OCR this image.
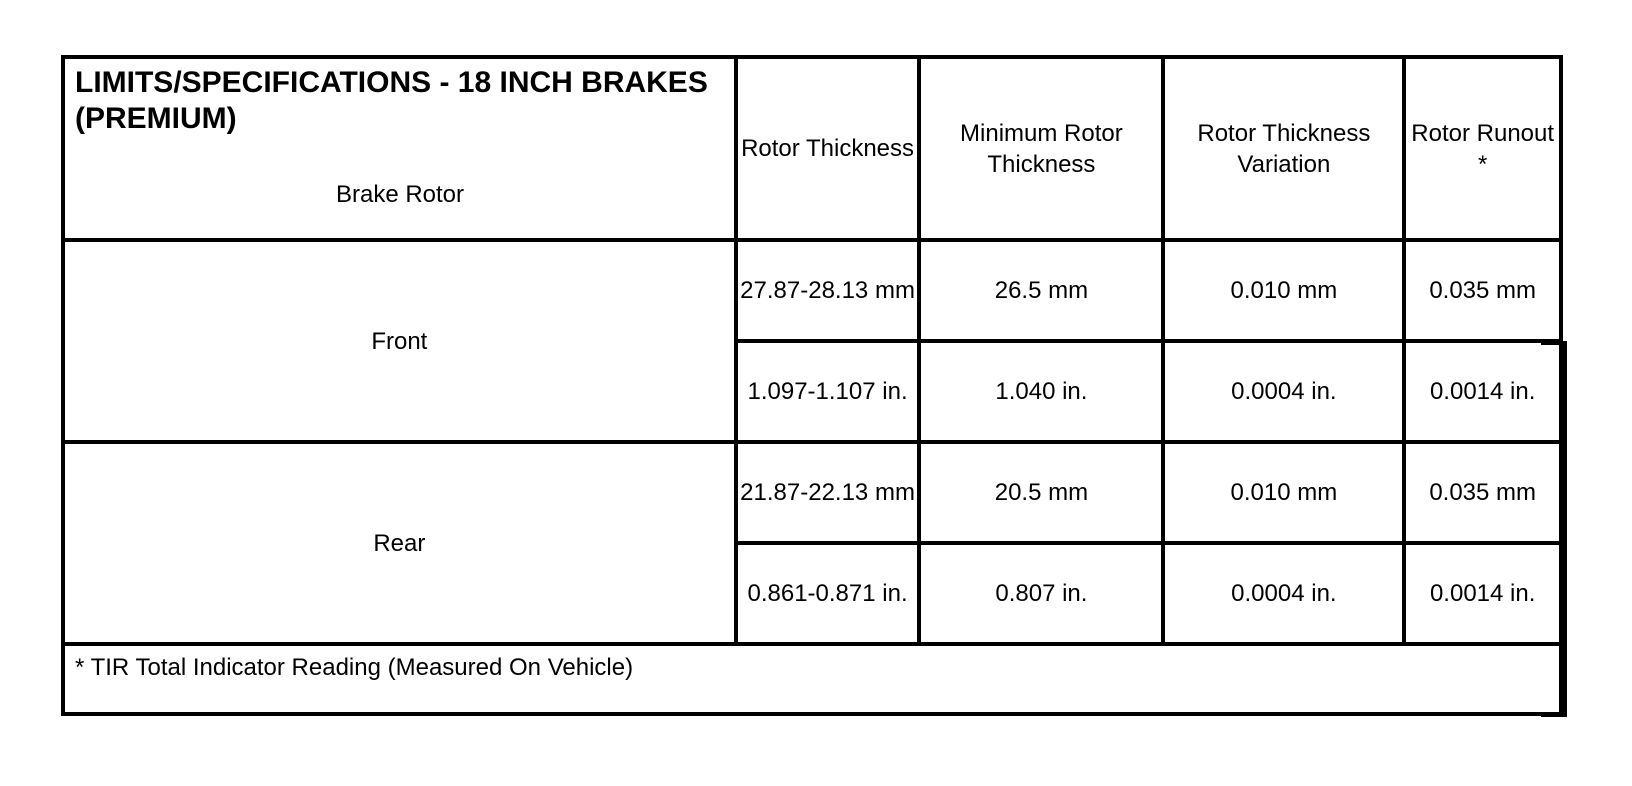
LIMITS/SPECIFICATIONS - 18 INCH BRAKES (PREMIUM)
Brake Rotor	Rotor Thickness	Minimum Rotor Thickness	Rotor Thickness Variation	Rotor Runout *
Front	27.87-28.13 mm	26.5 mm	0.010 mm	0.035 mm
	1.097-1.107 in.	1.040 in.	0.0004 in.	0.0014 in.
Rear	21.87-22.13 mm	20.5 mm	0.010 mm	0.035 mm
	0.861-0.871 in.	0.807 in.	0.0004 in.	0.0014 in.
* TIR Total Indicator Reading (Measured On Vehicle)				
